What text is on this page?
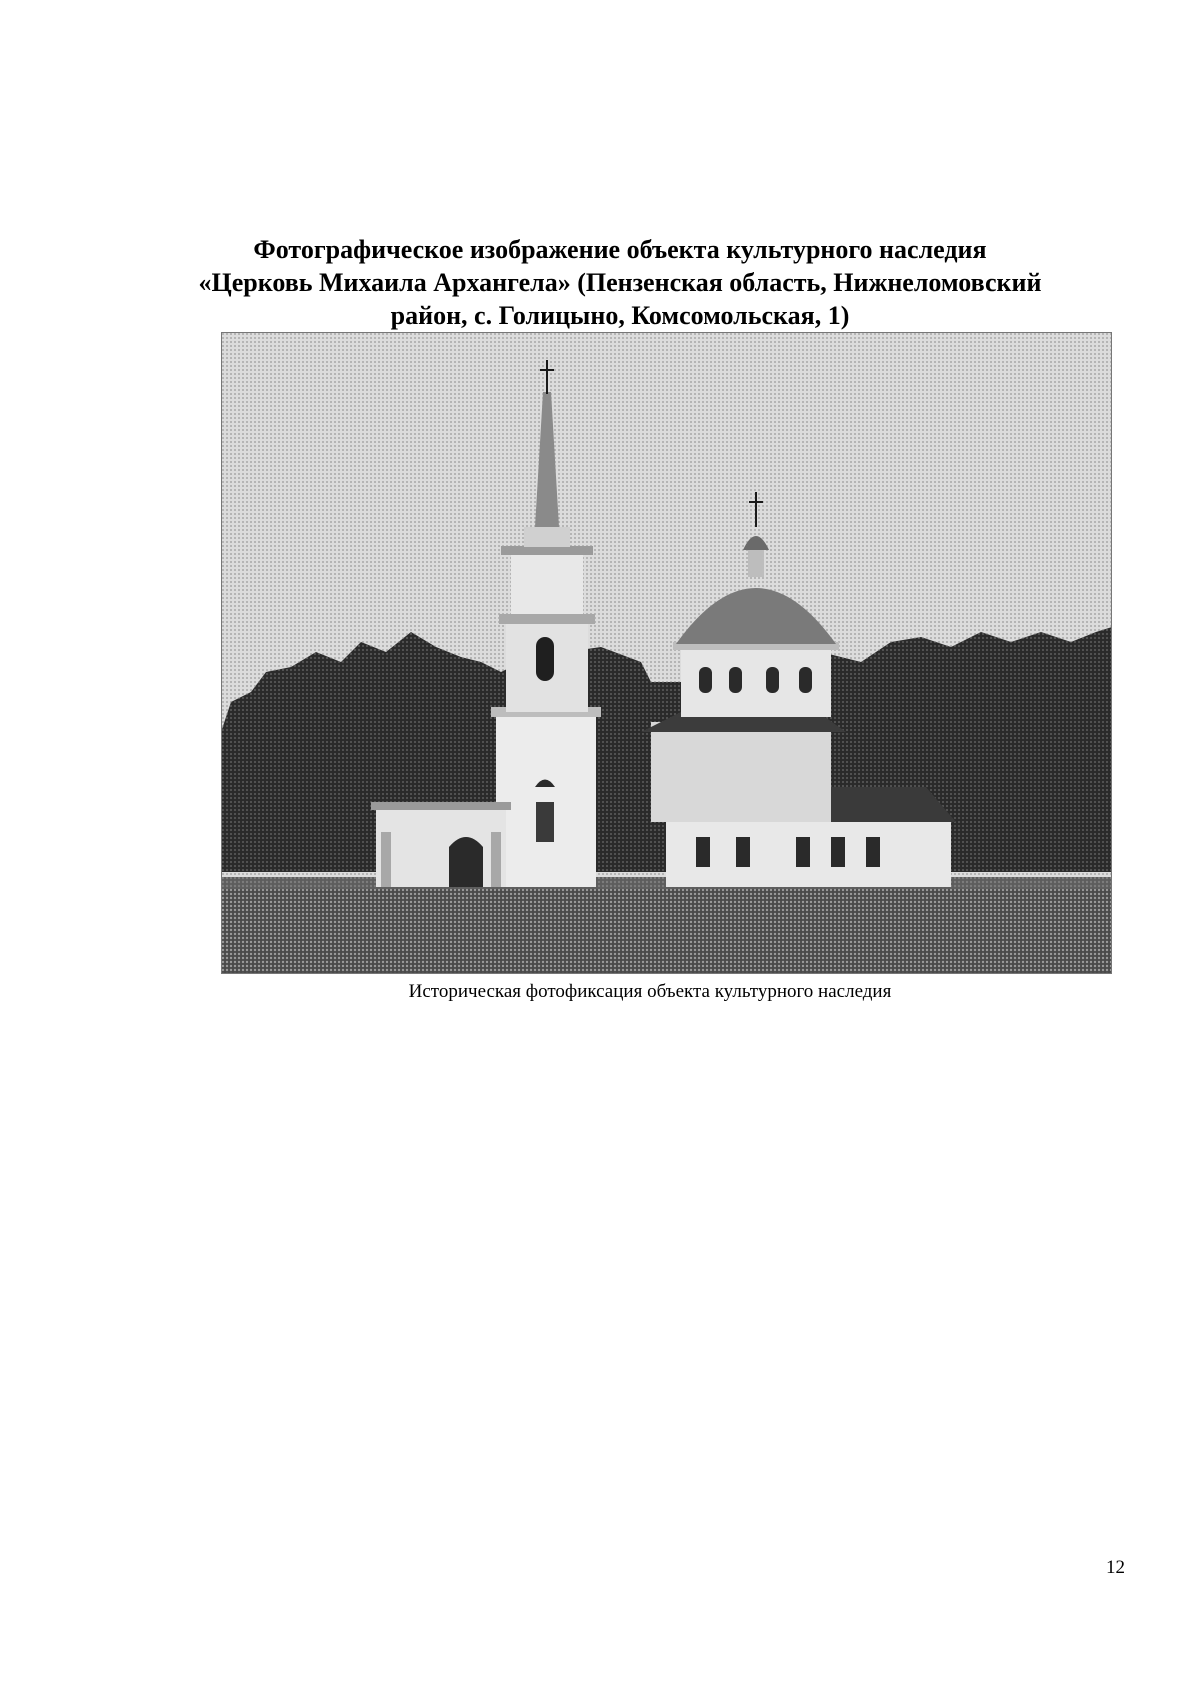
Фотографическое изображение объекта культурного наследия
«Церковь Михаила Архангела» (Пензенская область, Нижнеломовский
район, с. Голицыно, Комсомольская, 1)
Историческая фотофиксация объекта культурного наследия
12
